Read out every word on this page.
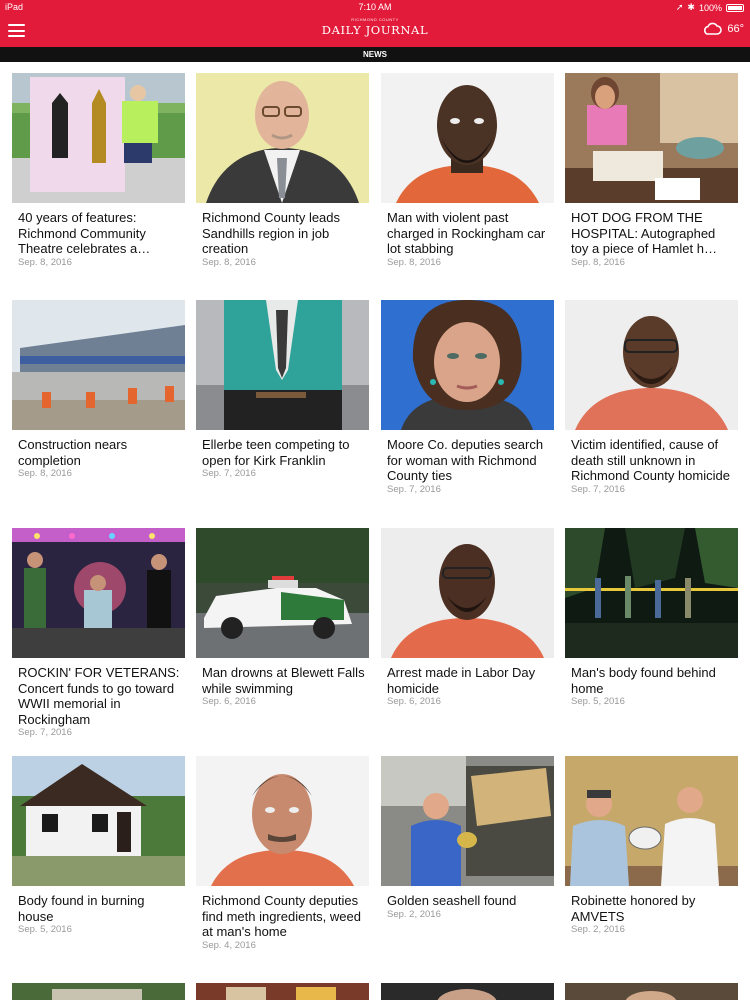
iPad	7:10 AM	➚ ✱ 100%
RICHMOND COUNTY
DAILY JOURNAL	66°
NEWS
40 years of features: Richmond Community Theatre celebrates a…
Sep. 8, 2016
Richmond County leads Sandhills region in job creation
Sep. 8, 2016
Man with violent past charged in Rockingham car lot stabbing
Sep. 8, 2016
HOT DOG FROM THE HOSPITAL: Autographed toy a piece of Hamlet h…
Sep. 8, 2016
Construction nears completion
Sep. 8, 2016
Ellerbe teen competing to open for Kirk Franklin
Sep. 7, 2016
Moore Co. deputies search for woman with Richmond County ties
Sep. 7, 2016
Victim identified, cause of death still unknown in Richmond County homicide
Sep. 7, 2016
ROCKIN' FOR VETERANS: Concert funds to go toward WWII memorial in Rockingham
Sep. 7, 2016
Man drowns at Blewett Falls while swimming
Sep. 6, 2016
Arrest made in Labor Day homicide
Sep. 6, 2016
Man's body found behind home
Sep. 5, 2016
Body found in burning house
Sep. 5, 2016
Richmond County deputies find meth ingredients, weed at man's home
Sep. 4, 2016
Golden seashell found
Sep. 2, 2016
Robinette honored by AMVETS
Sep. 2, 2016
